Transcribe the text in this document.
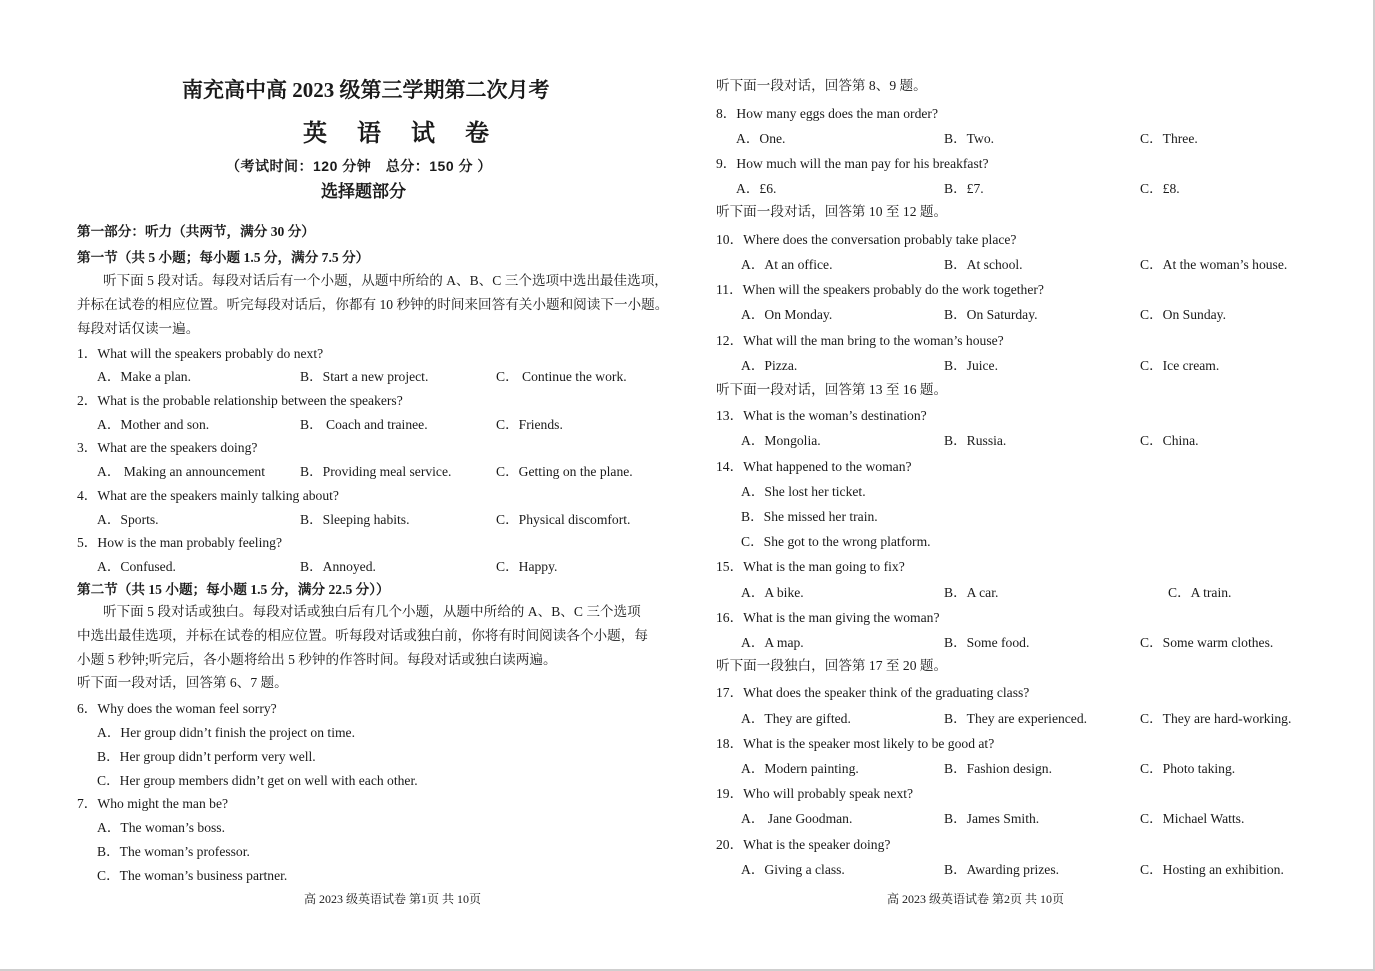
南充高中高 2023 级第三学期第二次月考
英 语 试 卷
（考试时间：120 分钟　总分：150 分 ）
选择题部分
第一部分：听力（共两节，满分 30 分）
第一节（共 5 小题；每小题 1.5 分，满分 7.5 分）
听下面 5 段对话。每段对话后有一个小题，从题中所给的 A、B、C 三个选项中选出最佳选项，
并标在试卷的相应位置。听完每段对话后，你都有 10 秒钟的时间来回答有关小题和阅读下一小题。
每段对话仅读一遍。
1．What will the speakers probably do next?
A．Make a plan.	B．Start a new project.	C． Continue the work.
2．What is the probable relationship between the speakers?
A．Mother and son.	B． Coach and trainee.	C．Friends.
3．What are the speakers doing?
A． Making an announcement	B．Providing meal service.	C．Getting on the plane.
4．What are the speakers mainly talking about?
A．Sports.	B．Sleeping habits.	C．Physical discomfort.
5．How is the man probably feeling?
A．Confused.	B．Annoyed.	C．Happy.
第二节（共 15 小题；每小题 1.5 分，满分 22.5 分））
听下面 5 段对话或独白。每段对话或独白后有几个小题，从题中所给的 A、B、C 三个选项
中选出最佳选项，并标在试卷的相应位置。听每段对话或独白前，你将有时间阅读各个小题，每
小题 5 秒钟;听完后，各小题将给出 5 秒钟的作答时间。每段对话或独白读两遍。
听下面一段对话，回答第 6、7 题。
6．Why does the woman feel sorry?
A．Her group didn’t finish the project on time.
B．Her group didn’t perform very well.
C．Her group members didn’t get on well with each other.
7．Who might the man be?
A．The woman’s boss.
B．The woman’s professor.
C．The woman’s business partner.
高 2023 级英语试卷 第1页 共 10页
听下面一段对话，回答第 8、9 题。
8．How many eggs does the man order?
A．One.	B．Two.	C．Three.
9．How much will the man pay for his breakfast?
A．£6.	B．£7.	C．£8.
听下面一段对话，回答第 10 至 12 题。
10．Where does the conversation probably take place?
A．At an office.	B．At school.	C．At the woman’s house.
11．When will the speakers probably do the work together?
A．On Monday.	B．On Saturday.	C．On Sunday.
12．What will the man bring to the woman’s house?
A．Pizza.	B．Juice.	C．Ice cream.
听下面一段对话，回答第 13 至 16 题。
13．What is the woman’s destination?
A．Mongolia.	B．Russia.	C．China.
14．What happened to the woman?
A．She lost her ticket.
B．She missed her train.
C．She got to the wrong platform.
15．What is the man going to fix?
A．A bike.	B．A car.	C．A train.
16．What is the man giving the woman?
A．A map.	B．Some food.	C．Some warm clothes.
听下面一段独白，回答第 17 至 20 题。
17．What does the speaker think of the graduating class?
A．They are gifted.	B．They are experienced.	C．They are hard-working.
18．What is the speaker most likely to be good at?
A．Modern painting.	B．Fashion design.	C．Photo taking.
19．Who will probably speak next?
A． Jane Goodman.	B．James Smith.	C．Michael Watts.
20．What is the speaker doing?
A．Giving a class.	B．Awarding prizes.	C．Hosting an exhibition.
高 2023 级英语试卷 第2页 共 10页
